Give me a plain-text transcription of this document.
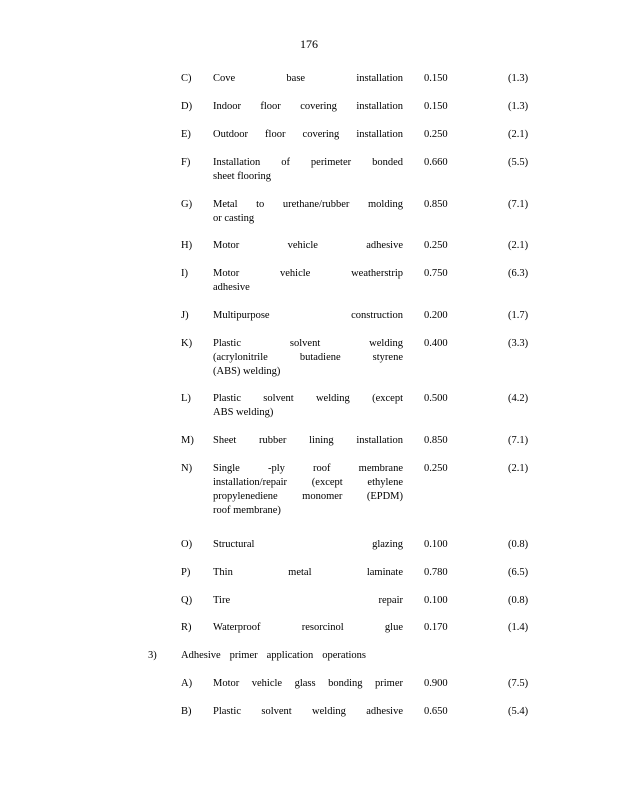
176
C) Cove base installation 0.150	(1.3)
D) Indoor floor covering installation 0.150	(1.3)
E) Outdoor floor covering installation 0.250	(2.1)
F) Installation of perimeter bonded
sheet flooring
0.660	(5.5)
G) Metal to urethane/rubber molding
or casting
0.850	(7.1)
H) Motor vehicle adhesive 0.250	(2.1)
I) Motor vehicle weatherstrip
adhesive
0.750	(6.3)
J) Multipurpose construction 0.200	(1.7)
K) Plastic solvent welding
(acrylonitrile butadiene styrene
(ABS) welding)
0.400	(3.3)
L) Plastic solvent welding (except
ABS welding)
0.500	(4.2)
M) Sheet rubber lining installation 0.850	(7.1)
N) Single -ply roof membrane
installation/repair (except ethylene
propylenediene monomer (EPDM)
roof membrane)
0.250	(2.1)
O) Structural glazing 0.100	(0.8)
P) Thin metal laminate 0.780	(6.5)
Q) Tire repair 0.100	(0.8)
R) Waterproof resorcinol glue 0.170	(1.4)
3) Adhesive primer application operations
A) Motor vehicle glass bonding primer 0.900	(7.5)
B) Plastic solvent welding adhesive 0.650	(5.4)
